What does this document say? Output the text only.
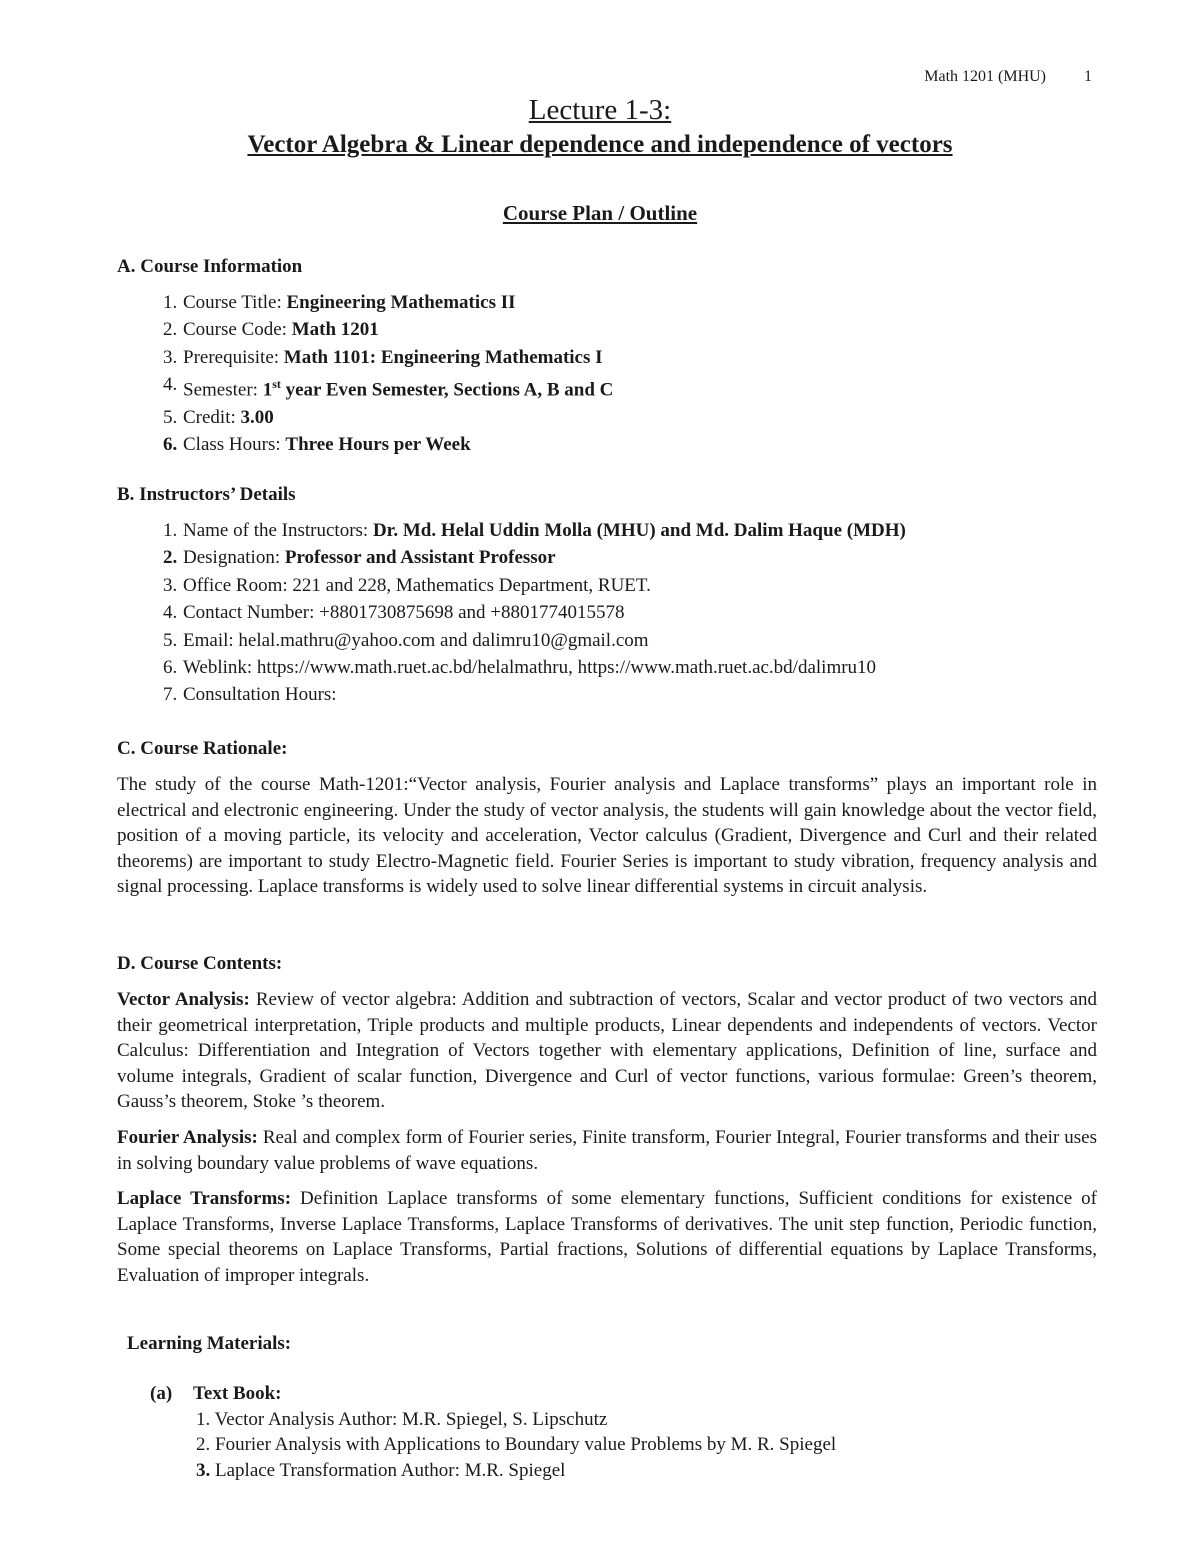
Math 1201 (MHU) 1
Lecture 1-3:
Vector Algebra & Linear dependence and independence of vectors
Course Plan / Outline

A. Course Information

1. Course Title: Engineering Mathematics II
2. Course Code: Math 1201
3. Prerequisite: Math 1101: Engineering Mathematics I
4. Semester: 1st year Even Semester, Sections A, B and C
5. Credit: 3.00
6. Class Hours: Three Hours per Week

B. Instructors’ Details

1. Name of the Instructors: Dr. Md. Helal Uddin Molla (MHU) and Md. Dalim Haque (MDH)
2. Designation: Professor and Assistant Professor
3. Office Room: 221 and 228, Mathematics Department, RUET.
4. Contact Number: +8801730875698 and +8801774015578
5. Email: helal.mathru@yahoo.com and dalimru10@gmail.com
6. Weblink: https://www.math.ruet.ac.bd/helalmathru, https://www.math.ruet.ac.bd/dalimru10
7. Consultation Hours:

C. Course Rationale:

The study of the course Math-1201:“Vector analysis, Fourier analysis and Laplace transforms” plays an important role in electrical and electronic engineering. Under the study of vector analysis, the students will gain knowledge about the vector field, position of a moving particle, its velocity and acceleration, Vector calculus (Gradient, Divergence and Curl and their related theorems) are important to study Electro-Magnetic field. Fourier Series is important to study vibration, frequency analysis and signal processing. Laplace transforms is widely used to solve linear differential systems in circuit analysis.

D. Course Contents:

Vector Analysis: Review of vector algebra: Addition and subtraction of vectors, Scalar and vector product of two vectors and their geometrical interpretation, Triple products and multiple products, Linear dependents and independents of vectors. Vector Calculus: Differentiation and Integration of Vectors together with elementary applications, Definition of line, surface and volume integrals, Gradient of scalar function, Divergence and Curl of vector functions, various formulae: Green’s theorem, Gauss’s theorem, Stoke ’s theorem.

Fourier Analysis: Real and complex form of Fourier series, Finite transform, Fourier Integral, Fourier transforms and their uses in solving boundary value problems of wave equations.

Laplace Transforms: Definition Laplace transforms of some elementary functions, Sufficient conditions for existence of Laplace Transforms, Inverse Laplace Transforms, Laplace Transforms of derivatives. The unit step function, Periodic function, Some special theorems on Laplace Transforms, Partial fractions, Solutions of differential equations by Laplace Transforms, Evaluation of improper integrals.

Learning Materials:

(a)	Text Book:
1. Vector Analysis Author: M.R. Spiegel, S. Lipschutz
2. Fourier Analysis with Applications to Boundary value Problems by M. R. Spiegel
3. Laplace Transformation Author: M.R. Spiegel
